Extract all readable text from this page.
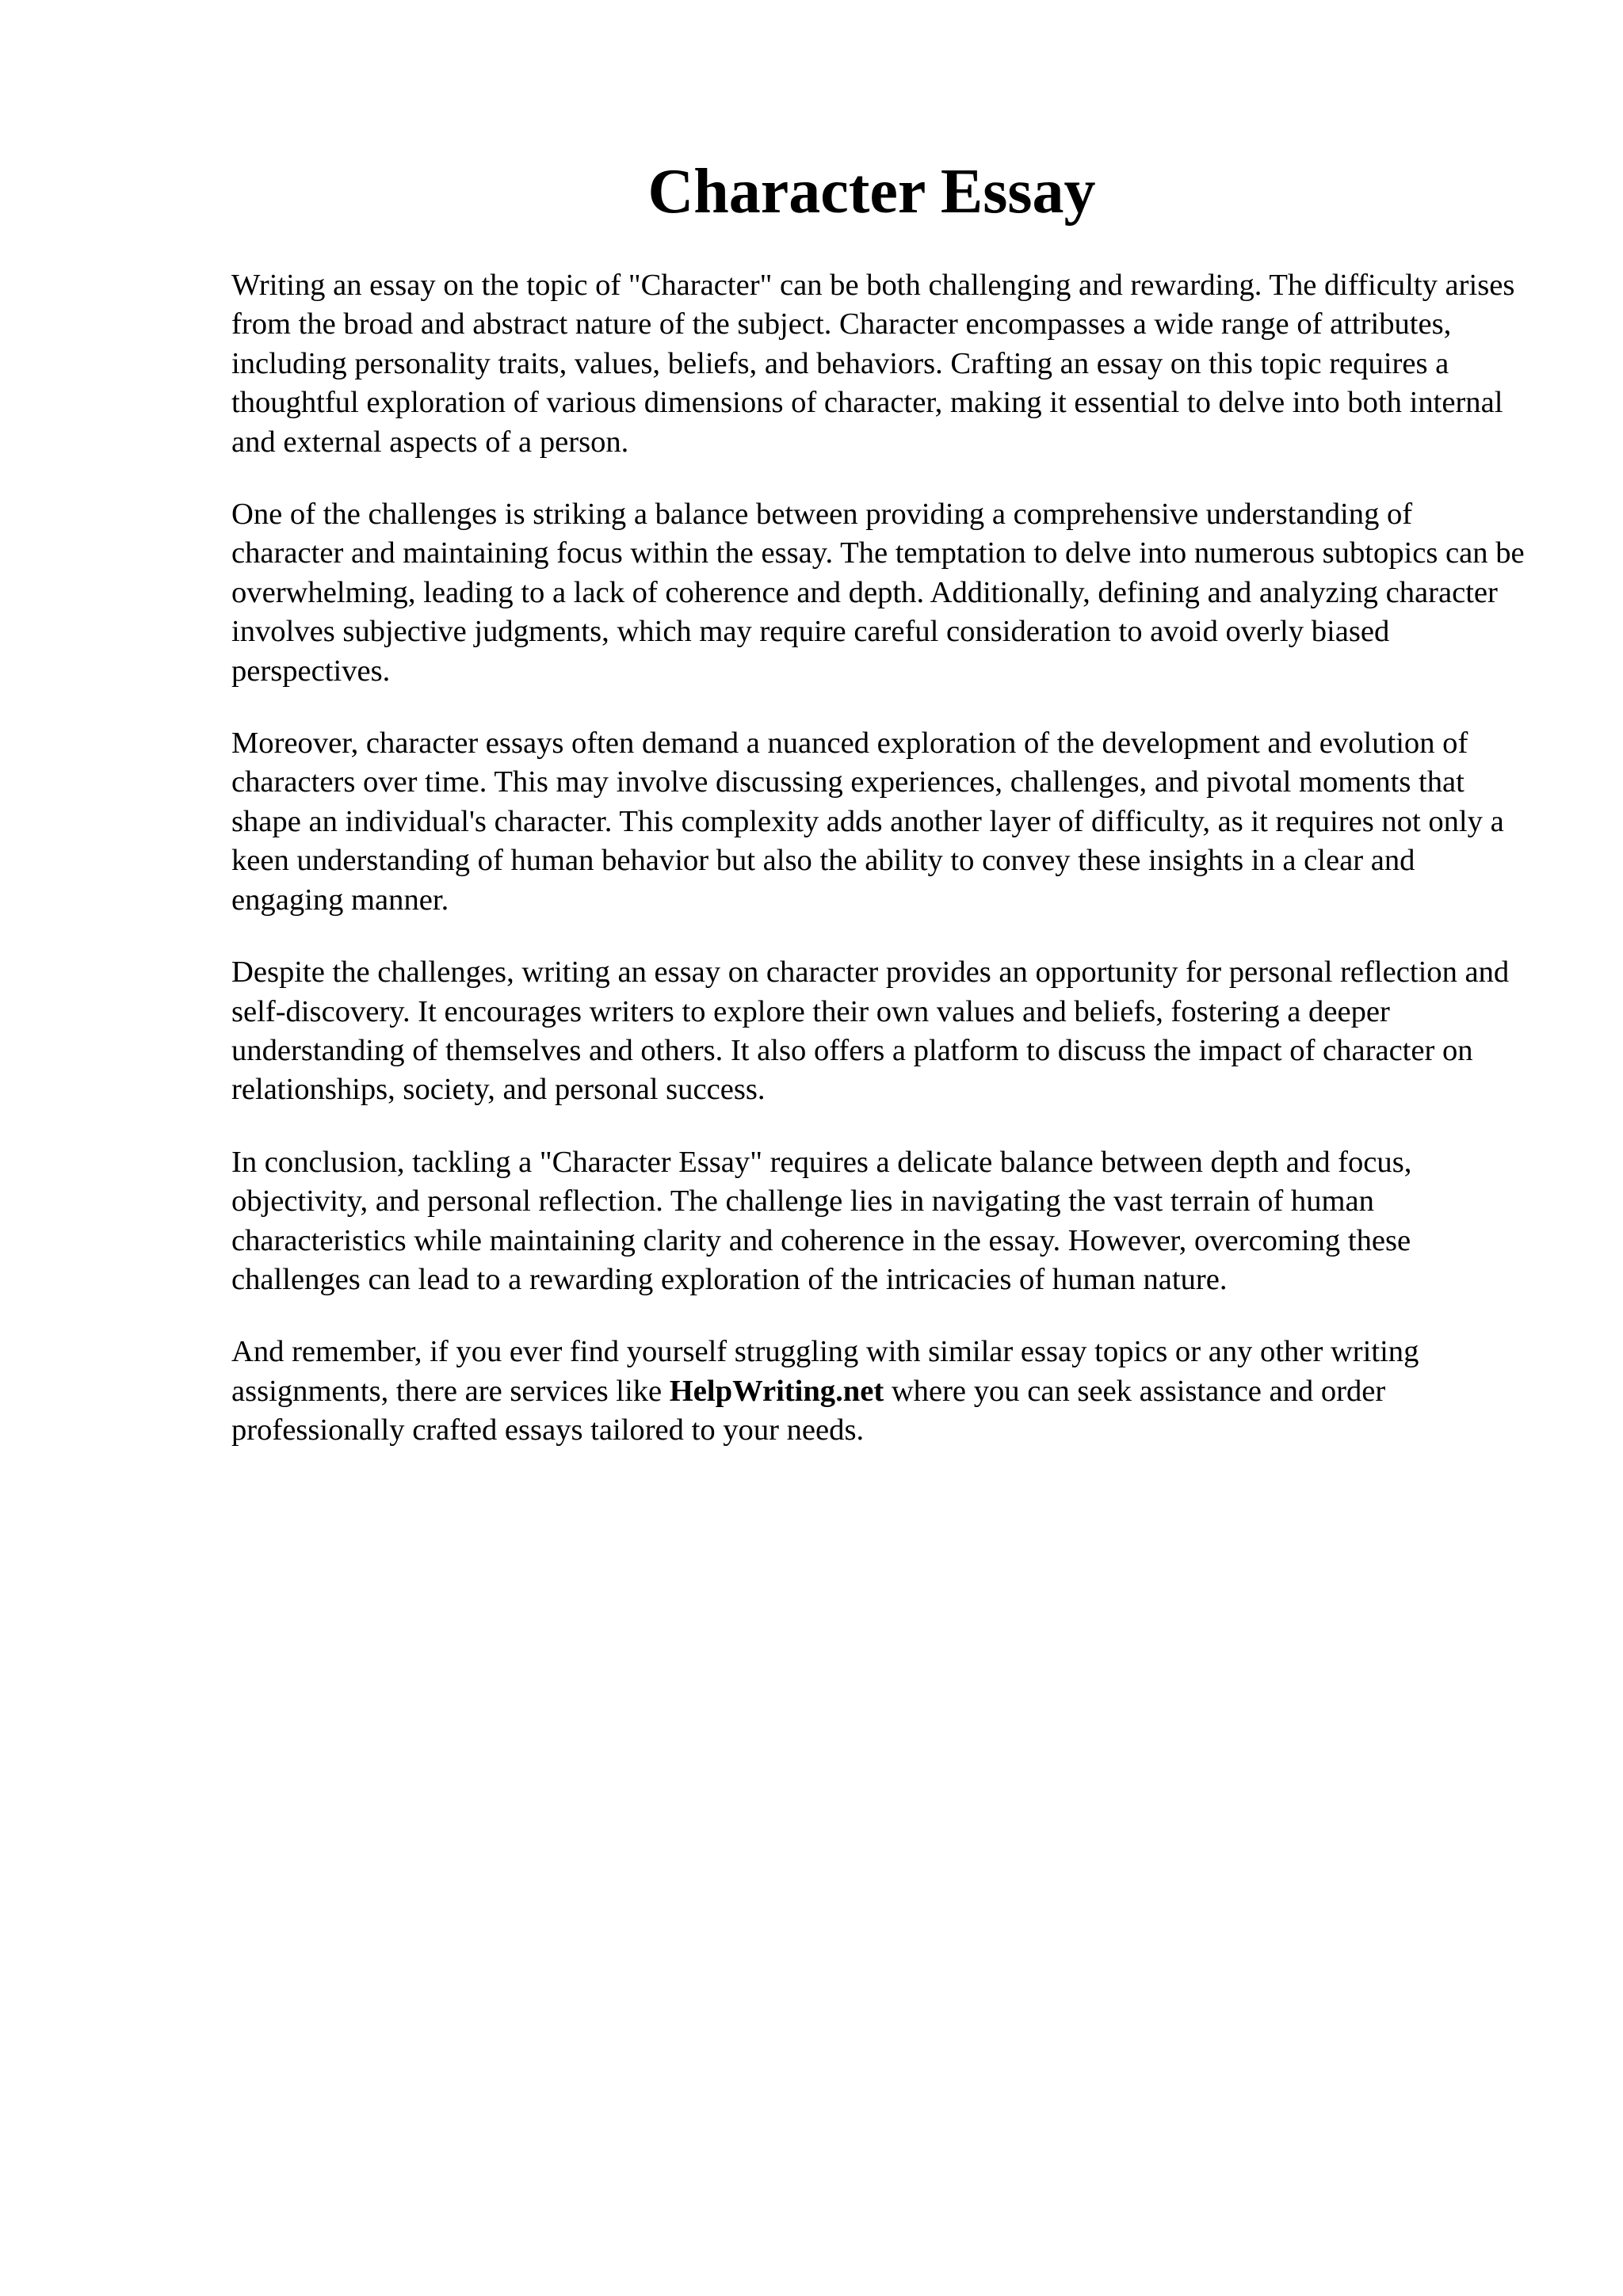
Character Essay

Writing an essay on the topic of "Character" can be both challenging and rewarding. The difficulty arises from the broad and abstract nature of the subject. Character encompasses a wide range of attributes, including personality traits, values, beliefs, and behaviors. Crafting an essay on this topic requires a thoughtful exploration of various dimensions of character, making it essential to delve into both internal and external aspects of a person.

One of the challenges is striking a balance between providing a comprehensive understanding of character and maintaining focus within the essay. The temptation to delve into numerous subtopics can be overwhelming, leading to a lack of coherence and depth. Additionally, defining and analyzing character involves subjective judgments, which may require careful consideration to avoid overly biased perspectives.

Moreover, character essays often demand a nuanced exploration of the development and evolution of characters over time. This may involve discussing experiences, challenges, and pivotal moments that shape an individual's character. This complexity adds another layer of difficulty, as it requires not only a keen understanding of human behavior but also the ability to convey these insights in a clear and engaging manner.

Despite the challenges, writing an essay on character provides an opportunity for personal reflection and self-discovery. It encourages writers to explore their own values and beliefs, fostering a deeper understanding of themselves and others. It also offers a platform to discuss the impact of character on relationships, society, and personal success.

In conclusion, tackling a "Character Essay" requires a delicate balance between depth and focus, objectivity, and personal reflection. The challenge lies in navigating the vast terrain of human characteristics while maintaining clarity and coherence in the essay. However, overcoming these challenges can lead to a rewarding exploration of the intricacies of human nature.

And remember, if you ever find yourself struggling with similar essay topics or any other writing assignments, there are services like HelpWriting.net where you can seek assistance and order professionally crafted essays tailored to your needs.
